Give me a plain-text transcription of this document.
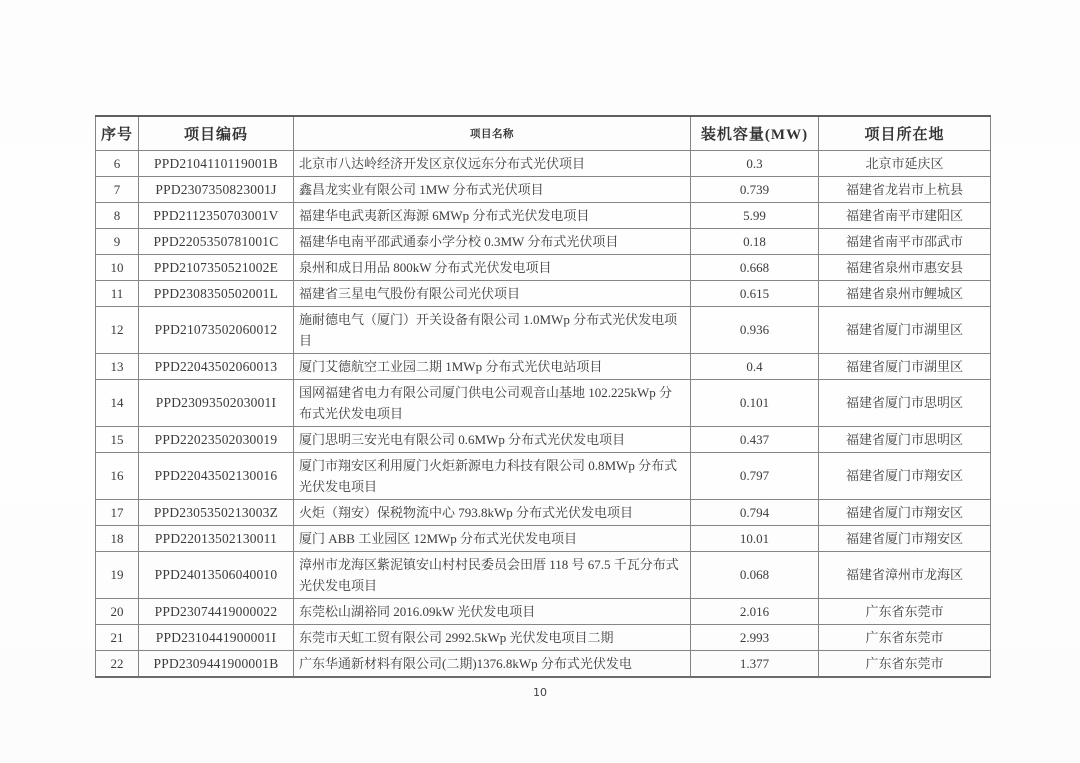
序号	项目编码	项目名称	装机容量(MW)	项目所在地
6	PPD2104110119001B	北京市八达岭经济开发区京仪远东分布式光伏项目	0.3	北京市延庆区
7	PPD2307350823001J	鑫昌龙实业有限公司 1MW 分布式光伏项目	0.739	福建省龙岩市上杭县
8	PPD2112350703001V	福建华电武夷新区海源 6MWp 分布式光伏发电项目	5.99	福建省南平市建阳区
9	PPD2205350781001C	福建华电南平邵武通泰小学分校 0.3MW 分布式光伏项目	0.18	福建省南平市邵武市
10	PPD2107350521002E	泉州和成日用品 800kW 分布式光伏发电项目	0.668	福建省泉州市惠安县
11	PPD2308350502001L	福建省三星电气股份有限公司光伏项目	0.615	福建省泉州市鲤城区
12	PPD21073502060012	施耐德电气（厦门）开关设备有限公司 1.0MWp 分布式光伏发电项目	0.936	福建省厦门市湖里区
13	PPD22043502060013	厦门艾德航空工业园二期 1MWp 分布式光伏电站项目	0.4	福建省厦门市湖里区
14	PPD2309350203001I	国网福建省电力有限公司厦门供电公司观音山基地 102.225kWp 分布式光伏发电项目	0.101	福建省厦门市思明区
15	PPD22023502030019	厦门思明三安光电有限公司 0.6MWp 分布式光伏发电项目	0.437	福建省厦门市思明区
16	PPD22043502130016	厦门市翔安区利用厦门火炬新源电力科技有限公司 0.8MWp 分布式光伏发电项目	0.797	福建省厦门市翔安区
17	PPD2305350213003Z	火炬（翔安）保税物流中心 793.8kWp 分布式光伏发电项目	0.794	福建省厦门市翔安区
18	PPD22013502130011	厦门 ABB 工业园区 12MWp 分布式光伏发电项目	10.01	福建省厦门市翔安区
19	PPD24013506040010	漳州市龙海区紫泥镇安山村村民委员会田厝 118 号 67.5 千瓦分布式光伏发电项目	0.068	福建省漳州市龙海区
20	PPD23074419000022	东莞松山湖裕同 2016.09kW 光伏发电项目	2.016	广东省东莞市
21	PPD2310441900001I	东莞市天虹工贸有限公司 2992.5kWp 光伏发电项目二期	2.993	广东省东莞市
22	PPD2309441900001B	广东华通新材料有限公司(二期)1376.8kWp 分布式光伏发电	1.377	广东省东莞市
10
